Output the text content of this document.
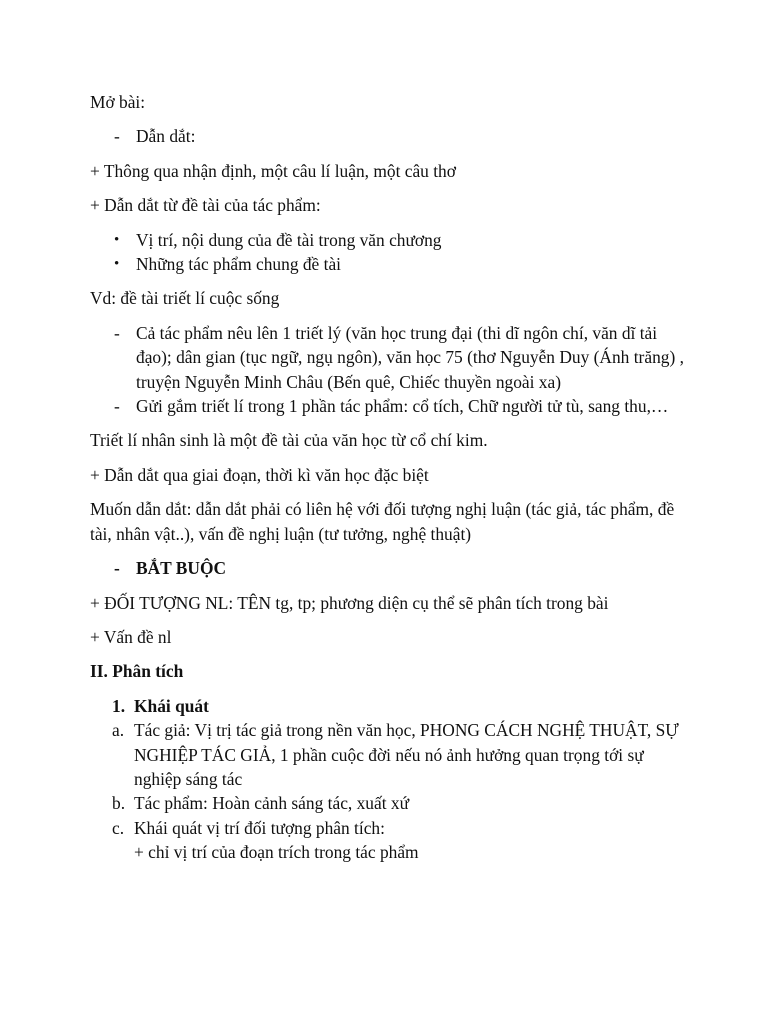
Mở bài:

- Dẫn dắt:

+ Thông qua nhận định, một câu lí luận, một câu thơ

+ Dẫn dắt từ đề tài của tác phẩm:

• Vị trí, nội dung của đề tài trong văn chương
• Những tác phẩm chung đề tài

Vd: đề tài triết lí cuộc sống

- Cả tác phẩm nêu lên 1 triết lý (văn học trung đại (thi dĩ ngôn chí, văn dĩ tải đạo); dân gian (tục ngữ, ngụ ngôn), văn học 75 (thơ Nguyễn Duy (Ánh trăng) , truyện Nguyễn Minh Châu (Bến quê, Chiếc thuyền ngoài xa)
- Gửi gắm triết lí trong 1 phần tác phẩm: cổ tích, Chữ người tử tù, sang thu,…

Triết lí nhân sinh là một đề tài của văn học từ cổ chí kim.

+ Dẫn dắt qua giai đoạn, thời kì văn học đặc biệt

Muốn dẫn dắt: dẫn dắt phải có liên hệ với đối tượng nghị luận (tác giả, tác phẩm, đề tài, nhân vật..), vấn đề nghị luận (tư tưởng, nghệ thuật)

- BẮT BUỘC

+ ĐỐI TƯỢNG NL: TÊN tg, tp; phương diện cụ thể sẽ phân tích trong bài

+ Vấn đề nl

II. Phân tích

1. Khái quát
a. Tác giả: Vị trị tác giả trong nền văn học, PHONG CÁCH NGHỆ THUẬT, SỰ NGHIỆP TÁC GIẢ, 1 phần cuộc đời nếu nó ảnh hưởng quan trọng tới sự nghiệp sáng tác
b. Tác phẩm: Hoàn cảnh sáng tác, xuất xứ
c. Khái quát vị trí đối tượng phân tích:
+ chỉ vị trí của đoạn trích trong tác phẩm
